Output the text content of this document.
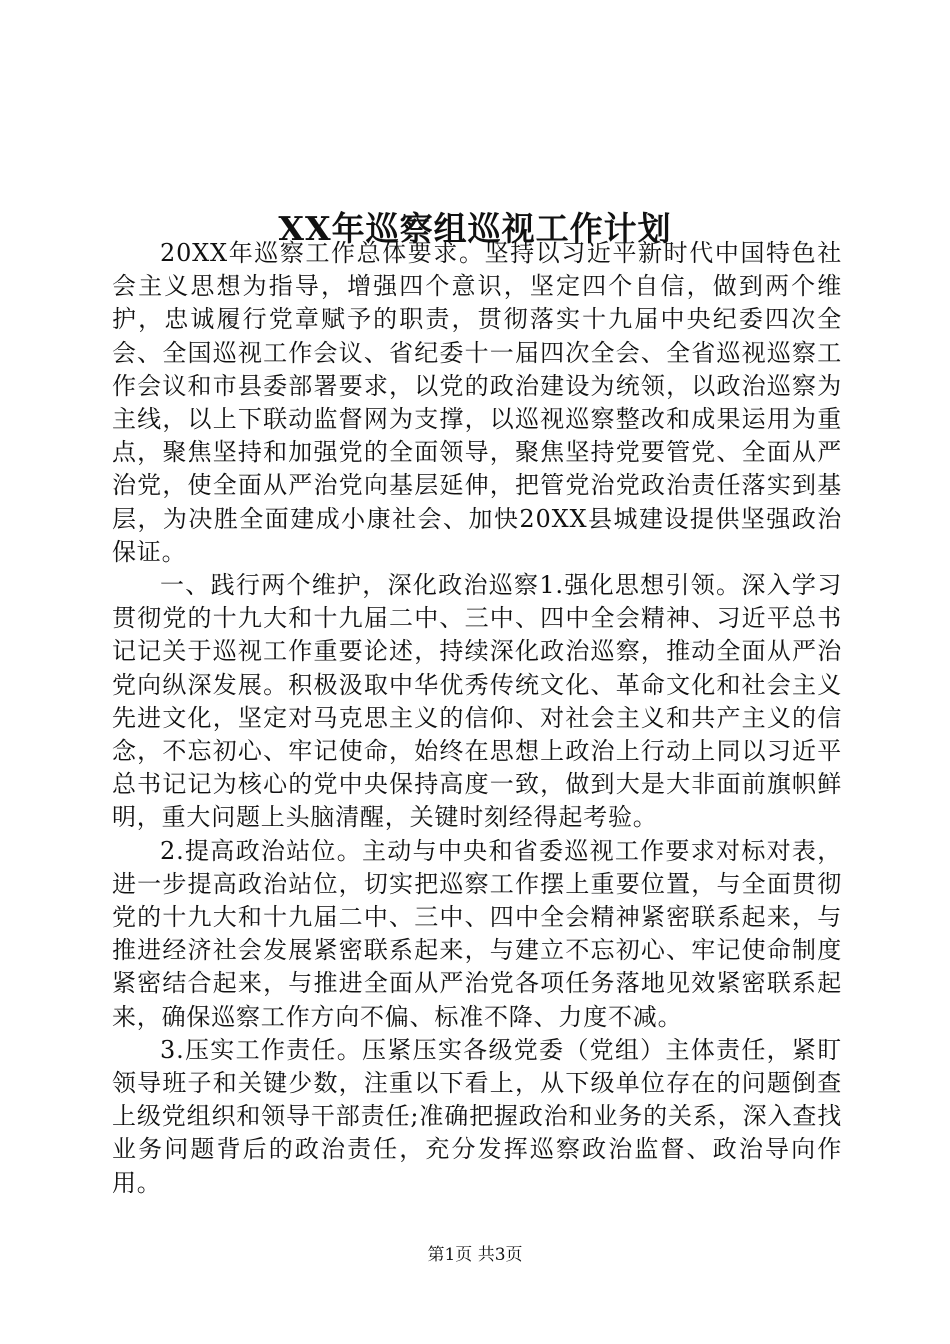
XX年巡察组巡视工作计划

20XX年巡察工作总体要求。坚持以习近平新时代中国特色社会主义思想为指导，增强四个意识，坚定四个自信，做到两个维护，忠诚履行党章赋予的职责，贯彻落实十九届中央纪委四次全会、全国巡视工作会议、省纪委十一届四次全会、全省巡视巡察工作会议和市县委部署要求，以党的政治建设为统领，以政治巡察为主线，以上下联动监督网为支撑，以巡视巡察整改和成果运用为重点，聚焦坚持和加强党的全面领导，聚焦坚持党要管党、全面从严治党，使全面从严治党向基层延伸，把管党治党政治责任落实到基层，为决胜全面建成小康社会、加快20XX县城建设提供坚强政治保证。

一、践行两个维护，深化政治巡察1.强化思想引领。深入学习贯彻党的十九大和十九届二中、三中、四中全会精神、习近平总书记记关于巡视工作重要论述，持续深化政治巡察，推动全面从严治党向纵深发展。积极汲取中华优秀传统文化、革命文化和社会主义先进文化，坚定对马克思主义的信仰、对社会主义和共产主义的信念，不忘初心、牢记使命，始终在思想上政治上行动上同以习近平总书记记为核心的党中央保持高度一致，做到大是大非面前旗帜鲜明，重大问题上头脑清醒，关键时刻经得起考验。

2.提高政治站位。主动与中央和省委巡视工作要求对标对表，进一步提高政治站位，切实把巡察工作摆上重要位置，与全面贯彻党的十九大和十九届二中、三中、四中全会精神紧密联系起来，与推进经济社会发展紧密联系起来，与建立不忘初心、牢记使命制度紧密结合起来，与推进全面从严治党各项任务落地见效紧密联系起来，确保巡察工作方向不偏、标准不降、力度不减。

3.压实工作责任。压紧压实各级党委（党组）主体责任，紧盯领导班子和关键少数，注重以下看上，从下级单位存在的问题倒查上级党组织和领导干部责任;准确把握政治和业务的关系，深入查找业务问题背后的政治责任，充分发挥巡察政治监督、政治导向作用。

第1页 共3页
